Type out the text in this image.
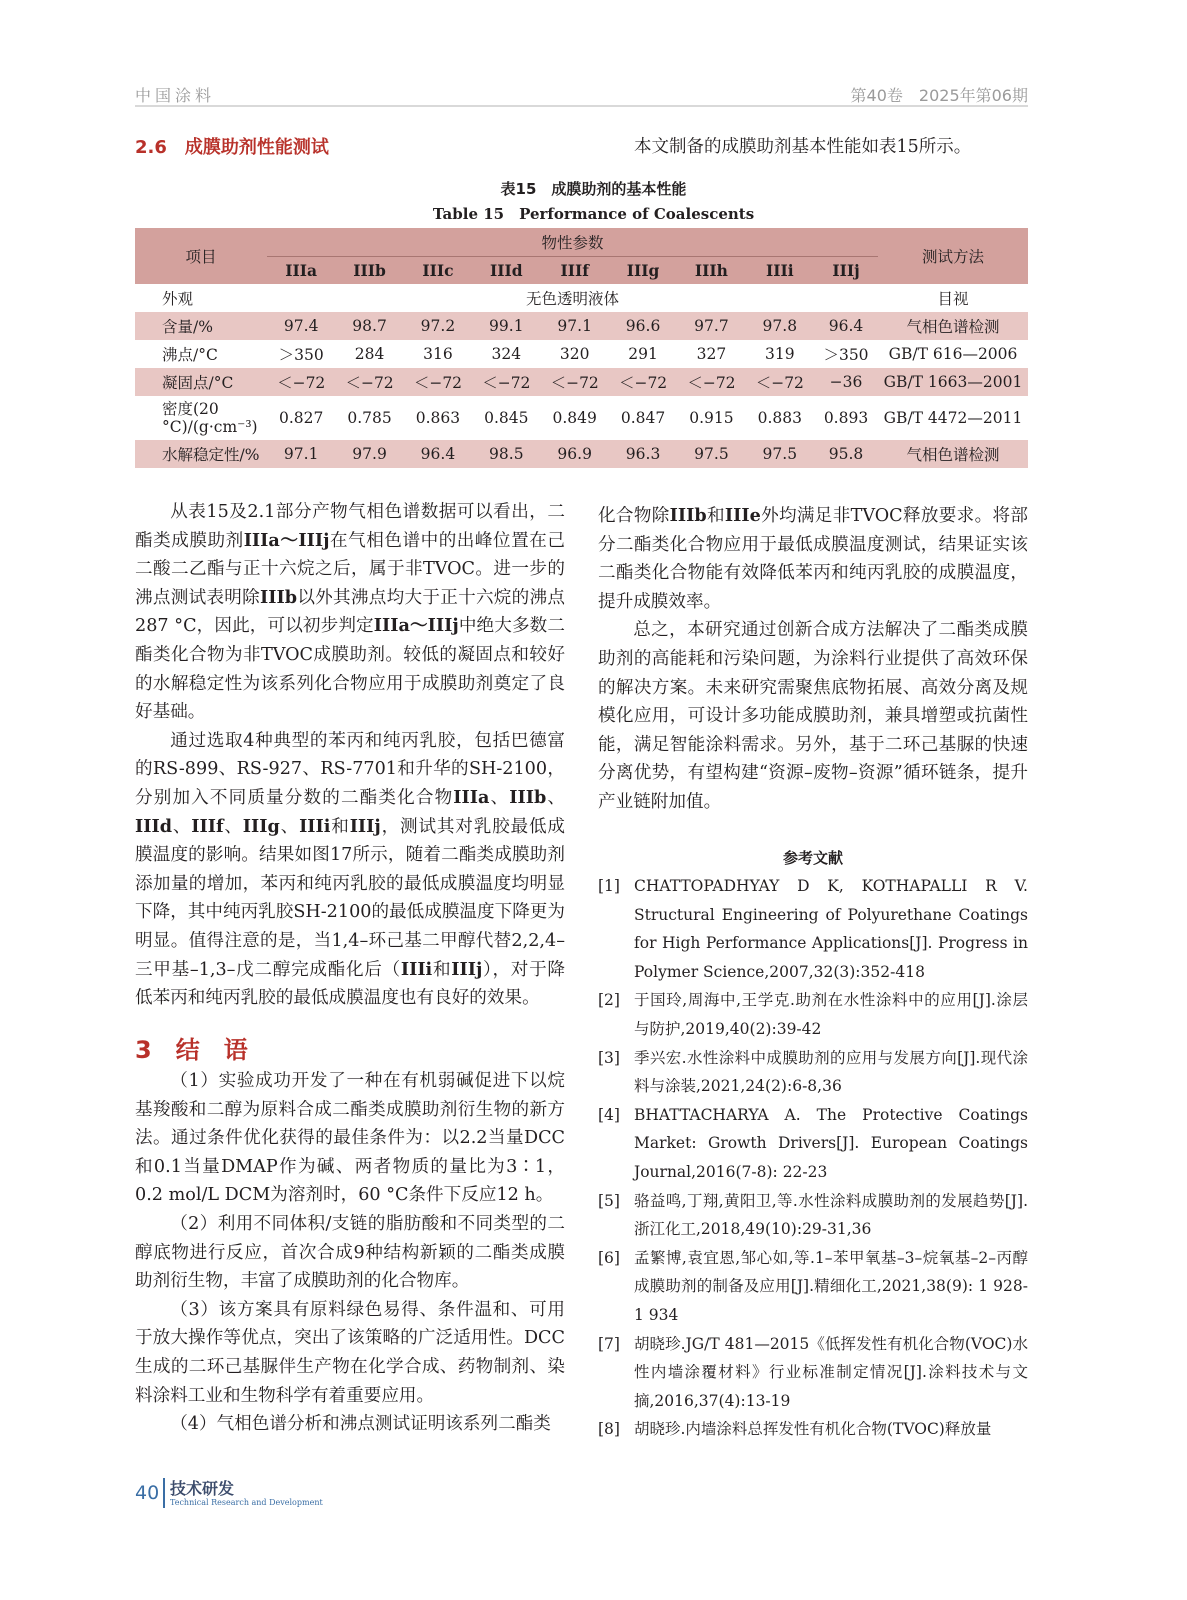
中国涂料	第40卷　2025年第06期
2.6　成膜助剂性能测试	本文制备的成膜助剂基本性能如表15所示。
表15　成膜助剂的基本性能
Table 15　Performance of Coalescents
项目	物性参数									测试方法
	IIIa	IIIb	IIIc	IIId	IIIf	IIIg	IIIh	IIIi	IIIj	
外观	无色透明液体									目视
含量/%	97.4	98.7	97.2	99.1	97.1	96.6	97.7	97.8	96.4	气相色谱检测
沸点/°C	＞350	284	316	324	320	291	327	319	＞350	GB/T 616—2006
凝固点/°C	＜−72	＜−72	＜−72	＜−72	＜−72	＜−72	＜−72	＜−72	−36	GB/T 1663—2001
密度(20 °C)/(g·cm⁻³)	0.827	0.785	0.863	0.845	0.849	0.847	0.915	0.883	0.893	GB/T 4472—2011
水解稳定性/%	97.1	97.9	96.4	98.5	96.9	96.3	97.5	97.5	95.8	气相色谱检测

从表15及2.1部分产物气相色谱数据可以看出，二酯类成膜助剂IIIa～IIIj在气相色谱中的出峰位置在己二酸二乙酯与正十六烷之后，属于非TVOC。进一步的沸点测试表明除IIIb以外其沸点均大于正十六烷的沸点287 °C，因此，可以初步判定IIIa～IIIj中绝大多数二酯类化合物为非TVOC成膜助剂。较低的凝固点和较好的水解稳定性为该系列化合物应用于成膜助剂奠定了良好基础。

通过选取4种典型的苯丙和纯丙乳胶，包括巴德富的RS-899、RS-927、RS-7701和升华的SH-2100，分别加入不同质量分数的二酯类化合物IIIa、IIIb、IIId、IIIf、IIIg、IIIi和IIIj，测试其对乳胶最低成膜温度的影响。结果如图17所示，随着二酯类成膜助剂添加量的增加，苯丙和纯丙乳胶的最低成膜温度均明显下降，其中纯丙乳胶SH-2100的最低成膜温度下降更为明显。值得注意的是，当1,4–环己基二甲醇代替2,2,4–三甲基–1,3–戊二醇完成酯化后（IIIi和IIIj），对于降低苯丙和纯丙乳胶的最低成膜温度也有良好的效果。

3　结　语

（1）实验成功开发了一种在有机弱碱促进下以烷基羧酸和二醇为原料合成二酯类成膜助剂衍生物的新方法。通过条件优化获得的最佳条件为：以2.2当量DCC和0.1当量DMAP作为碱、两者物质的量比为3∶1，0.2 mol/L DCM为溶剂时，60 °C条件下反应12 h。

（2）利用不同体积/支链的脂肪酸和不同类型的二醇底物进行反应，首次合成9种结构新颖的二酯类成膜助剂衍生物，丰富了成膜助剂的化合物库。

（3）该方案具有原料绿色易得、条件温和、可用于放大操作等优点，突出了该策略的广泛适用性。DCC生成的二环己基脲伴生产物在化学合成、药物制剂、染料涂料工业和生物科学有着重要应用。

（4）气相色谱分析和沸点测试证明该系列二酯类

化合物除IIIb和IIIe外均满足非TVOC释放要求。将部分二酯类化合物应用于最低成膜温度测试，结果证实该二酯类化合物能有效降低苯丙和纯丙乳胶的成膜温度，提升成膜效率。

总之，本研究通过创新合成方法解决了二酯类成膜助剂的高能耗和污染问题，为涂料行业提供了高效环保的解决方案。未来研究需聚焦底物拓展、高效分离及规模化应用，可设计多功能成膜助剂，兼具增塑或抗菌性能，满足智能涂料需求。另外，基于二环己基脲的快速分离优势，有望构建“资源–废物–资源”循环链条，提升产业链附加值。

参考文献
[1] CHATTOPADHYAY D K, KOTHAPALLI R V. Structural Engineering of Polyurethane Coatings for High Performance Applications[J]. Progress in Polymer Science,2007,32(3):352-418
[2] 于国玲,周海中,王学克.助剂在水性涂料中的应用[J].涂层与防护,2019,40(2):39-42
[3] 季兴宏.水性涂料中成膜助剂的应用与发展方向[J].现代涂料与涂装,2021,24(2):6-8,36
[4] BHATTACHARYA A. The Protective Coatings Market: Growth Drivers[J]. European Coatings Journal,2016(7-8): 22-23
[5] 骆益鸣,丁翔,黄阳卫,等.水性涂料成膜助剂的发展趋势[J].浙江化工,2018,49(10):29-31,36
[6] 孟繁博,袁宜恩,邹心如,等.1–苯甲氧基–3–烷氧基–2–丙醇成膜助剂的制备及应用[J].精细化工,2021,38(9): 1 928-1 934
[7] 胡晓珍.JG/T 481—2015《低挥发性有机化合物(VOC)水性内墙涂覆材料》行业标准制定情况[J].涂料技术与文摘,2016,37(4):13-19
[8] 胡晓珍.内墙涂料总挥发性有机化合物(TVOC)释放量
40 技术研发
Technical Research and Development
